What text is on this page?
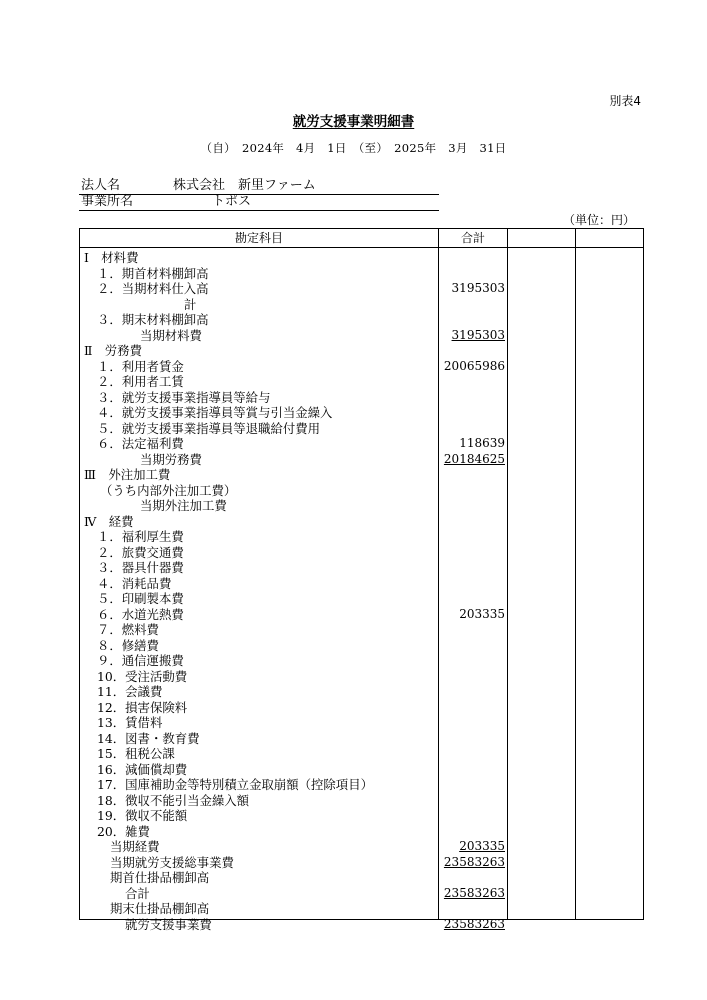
別表4
就労支援事業明細書
（自）　2024年　4月　1日　（至）　2025年　3月　31日
法人名	株式会社　新里ファーム
事業所名	トポス
（単位：円）
勘定科目	合計
Ⅰ　材料費
１．期首材料棚卸高
２．当期材料仕入高	3195303
計
３．期末材料棚卸高
当期材料費	3195303
Ⅱ　労務費
１．利用者賃金	20065986
２．利用者工賃
３．就労支援事業指導員等給与
４．就労支援事業指導員等賞与引当金繰入
５．就労支援事業指導員等退職給付費用
６．法定福利費	118639
当期労務費	20184625
Ⅲ　外注加工費
（うち内部外注加工費）
当期外注加工費
Ⅳ　経費
１．福利厚生費
２．旅費交通費
３．器具什器費
４．消耗品費
５．印刷製本費
６．水道光熱費	203335
７．燃料費
８．修繕費
９．通信運搬費
10．受注活動費
11．会議費
12．損害保険料
13．賃借料
14．図書・教育費
15．租税公課
16．減価償却費
17．国庫補助金等特別積立金取崩額（控除項目）
18．徴収不能引当金繰入額
19．徴収不能額
20．雑費
当期経費	203335
当期就労支援総事業費	23583263
期首仕掛品棚卸高
合計	23583263
期末仕掛品棚卸高
就労支援事業費	23583263
